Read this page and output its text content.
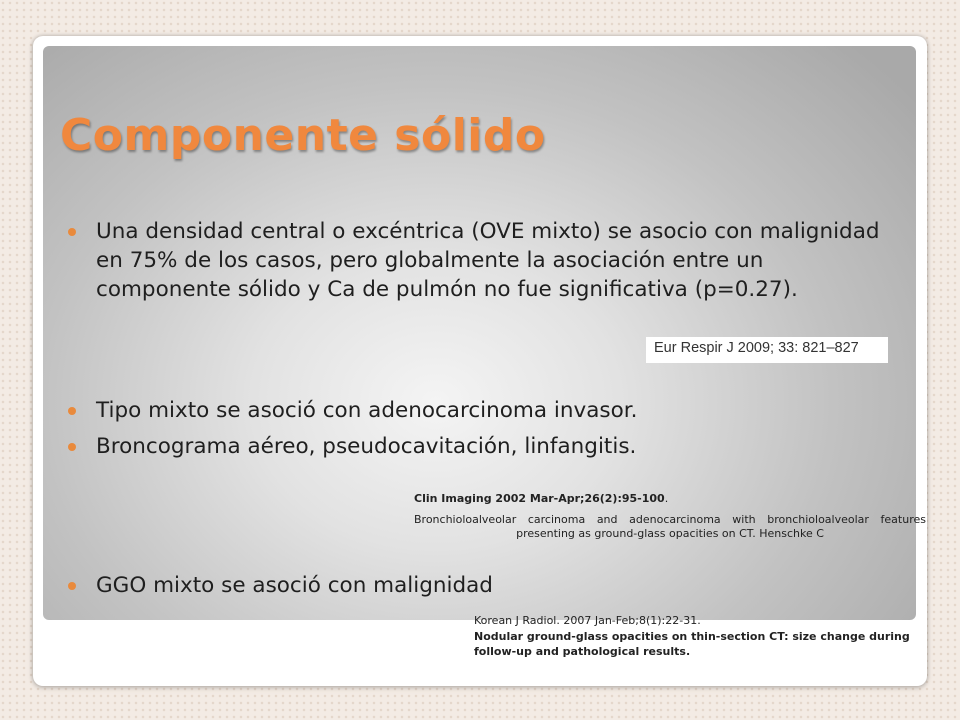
Componente sólido

Una densidad central o excéntrica (OVE mixto) se asocio con malignidad en 75% de los casos, pero globalmente la asociación entre un componente sólido y Ca de pulmón no fue significativa (p=0.27).

Eur Respir J 2009; 33: 821–827

Tipo mixto se asoció con adenocarcinoma invasor.

Broncograma aéreo, pseudocavitación, linfangitis.

Clin Imaging 2002 Mar-Apr;26(2):95-100.

Bronchioloalveolar carcinoma and adenocarcinoma with bronchioloalveolar features presenting as ground-glass opacities on CT. Henschke C

GGO mixto se asoció con malignidad

Korean J Radiol. 2007 Jan-Feb;8(1):22-31.

Nodular ground-glass opacities on thin-section CT: size change during follow-up and pathological results.
